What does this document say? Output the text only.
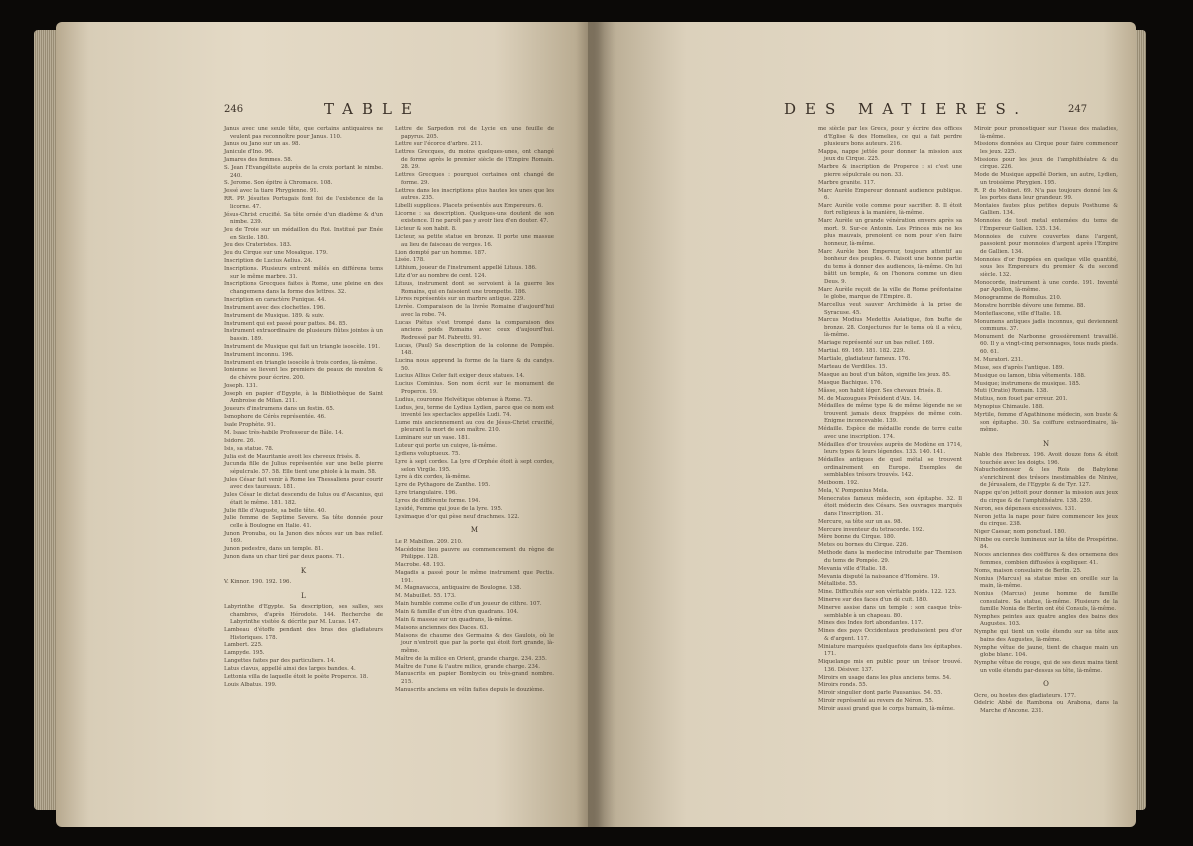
246	TABLE
Janus avec une seule tête, que certains antiquaires ne veulent pas reconnoître pour Janus. 110.
Janus ou Jano sur un as. 98.
Janicule d'Ino. 96.
Jamares des femmes. 58.
S. Jean l'Evangéliste auprès de la croix portant le nimbe. 240.
S. Jerome. Son épitre à Chromace. 108.
Jessé avec la tiare Phrygienne. 91.
RR. PP. Jésuites Portugais font foi de l'existence de la licorne. 47.
Jésus-Christ crucifié. Sa tête ornée d'un diadème & d'un nimbe. 239.
Jeu de Troie sur un médaillon du Roi. Institué par Enée en Sicile. 180.
Jeu des Crateristes. 183.
Jeu du Cirque sur une Mosaïque. 179.
Inscription de Lucius Aelius. 24.
Inscriptions. Plusieurs entrent mêlés en différens tems sur le même marbre. 31.
Inscriptions Grecques faites à Rome, une pleine en des changemens dans la forme des lettres. 32.
Inscription en caractère Punique. 44.
Instrument avec des clochettes. 196.
Instrument de Musique. 189. & suiv.
Instrument qui est passé pour pattes. 84. 85.
Instrument extraordinaire de plusieurs flûtes jointes à un bassin. 189.
Instrument de Musique qui fait un triangle isoscèle. 191.
Instrument inconnu. 196.
Instrument en triangle isoscèle à trois cordes, là-même.
Ionienne se lievent les premiers de peaux de mouton & de chèvre pour écrire. 200.
Joseph. 131.
Joseph en papier d'Egypte, à la Bibliothèque de Saint Ambroise de Milan. 211.
Joueurs d'instrumens dans un festin. 65.
Ismophore de Cérès représentée. 46.
Isaïe Prophète. 91.
M. Isaac très-habile Professeur de Bâle. 14.
Isidore. 26.
Isis, sa statue. 78.
Julia est de Mauritanie avoit les cheveux frisés. 8.
Jucunda fille de Julius représentée sur une belle pierre sépulcrale. 57. 58. Elle tient une phiole à la main. 58.
Jules César fait venir à Rome les Thessaliens pour courir avec des taureaux. 181.
Jules César le dictat descendu de Iulus ou d'Ascanius, qui était le même. 181. 182.
Julie fille d'Auguste, sa belle tête. 40.
Julie femme de Septime Severe. Sa tête donnée pour celle à Boulogne en Italie. 41.
Junon Pronuba, ou la Junon des nôces sur un bas relief. 169.
Junon pedestre, dans un temple. 81.
Junon dans un char tiré par deux paons. 71.
K
V. Kinnor. 190. 192. 196.
L
Labyrinthe d'Egypte. Sa description, ses salles, ses chambres, d'après Hérodote. 144. Recherche de Labyrinthe visitée & décrite par M. Lucas. 147.
Lambeau d'étoffe pendant des bras des gladiateurs Historiques. 178.
Lambert. 225.
Lampyde. 195.
Langettes faites par des particuliers. 14.
Latus clavus, appellé ainsi des larges bandes. 4.
Lettonia villa de laquelle étoit le poète Properce. 18.
Louis Albatus. 199.
Lettre de Sarpedon roi de Lycie en une feuille de papyrus. 205.
Lettre sur l'écorce d'arbre. 211.
Lettres Grecques, du moins quelques-unes, ont changé de forme après le premier siècle de l'Empire Romain. 28. 29.
Lettres Grecques : pourquoi certaines ont changé de forme. 29.
Lettres dans les inscriptions plus hautes les unes que les autres. 235.
Libelli supplices. Placets présentés aux Empereurs. 6.
Licorne : sa description. Quelques-uns doutent de son existence. Il ne paroît pas y avoir lieu d'en douter. 47.
Licteur & son habit. 8.
Licteur, sa petite statue en bronze. Il porte une massue au lieu de faisceau de verges. 16.
Lion dompté par un homme. 187.
Lisée. 178.
Lithium, joueur de l'instrument appellé Lituus. 186.
Litz d'or au nombre de cent. 124.
Lituus, instrument dont se servoient à la guerre les Romains, qui en faisoient une trompette. 186.
Livres représentés sur un marbre antique. 229.
Livrée. Comparaison de la livrée Romaine d'aujourd'hui avec la robe. 74.
Lucas Piétus s'est trompé dans la comparaison des anciens poids Romains avec ceux d'aujourd'hui. Redressé par M. Fabretti. 91.
Lucas, (Paul) Sa description de la colonne de Pompée. 148.
Lucina nous apprend la forme de la tiare & du candys. 50.
Lucius Allius Celer fait exiger deux statues. 14.
Lucius Cominius. Son nom écrit sur le monument de Properce. 19.
Ludius, couronne Helvétique obtenue à Rome. 73.
Ludus, jeu, terme de Lydius Lydien, parce que ce nom est inventé les spectacles appellés Ludi. 74.
Lume mis anciennement au cou de Jésus-Christ crucifié, pleurant la mort de son maître. 210.
Luminare sur un vase. 181.
Luteur qui porte un cuiqve, là-même.
Lydiens voluptueux. 75.
Lyre à sept cordes. La lyre d'Orphée étoit à sept cordes, selon Virgile. 195.
Lyre à dix cordes, là-même.
Lyre de Pythagore de Zanthe. 195.
Lyre triangulaire. 196.
Lyres de différente forme. 194.
Lysidé, Femme qui joue de la lyre. 195.
Lysimaque d'or qui pèse neuf drachmes. 122.
M
Le P. Mabillon. 209. 210.
Macédoine lieu pauvre au commencement du règne de Philippe. 128.
Macrobe. 48. 193.
Magadis a passé pour le même instrument que Pectis. 191.
M. Magnavacca, antiquaire de Boulogne. 138.
M. Mabuillet. 55. 173.
Main humble comme celle d'un joueur de cithre. 107.
Main & famille d'un être d'un quadrans. 104.
Main & massue sur un quadrans, là-même.
Maisons anciennes des Daces. 63.
Maisons de chaume des Germains & des Gaulois, où le jour n'entroit que par la porte qui étoit fort grande, là-même.
Maître de la milice en Orient, grande charge. 234. 235.
Maître de l'une & l'autre milice, grande charge. 234.
Manuscrits en papier Bombycin ou très-grand nombre. 215.
Manuscrits anciens en vélin faites depuis le douzième.
DES MATIERES.	247
me siècle par les Grecs, pour y écrire des offices d'Eglise & des Homelies, ce qui a fait perdre plusieurs bons auteurs. 216.
Mappa, nappe jettée pour donner la mission aux jeux du Cirque. 225.
Marbre & inscription de Properce : si c'est une pierre sépulcrale ou non. 33.
Marbre granite. 117.
Marc Aurèle Empereur donnant audience publique. 6.
Marc Aurèle voile comme pour sacrifier. 8. Il étoit fort religieux à la manière, là-même.
Marc Aurèle un grande vénération envers après sa mort. 9. Sur-ce Antonin. Les Princes mis ne les plus mauvais, prenoient ce nom pour s'en faire honneur, là-même.
Marc Aurèle bon Empereur, toujours attentif au bonheur des peuples. 6. Faisoit une bonne partie du tems à donner des audiences, là-même. On lui bâtit un temple, & on l'honora comme un dieu Deus. 9.
Marc Aurèle reçoit de la ville de Rome préfontaine le globe, marque de l'Empire. 8.
Marcellus veut sauver Archimède à la prise de Syracuse. 45.
Marcus Modius Medettis Asiatique, fon bufte de bronze. 28. Conjectures fur le tems où il a vécu, là-même.
Mariage représenté sur un bas relief. 169.
Martial. 69. 169. 181. 182. 229.
Martiale, gladiateur fameux. 176.
Marteau de Verdilles. 15.
Masque au bout d'un bâton, signifie les jeux. 85.
Masque Bachique. 176.
Mâsse, son habit léger. Ses chevaux frisés. 8.
M. de Mazougues Président d'Aix. 14.
Médailles de même type & de même légende ne se trouvent jamais deux frappées de même coin. Enigme inconcevable. 139.
Médaille. Espèce de médaille ronde de terre cuite avec une inscription. 174.
Médailles d'or trouvées auprès de Modène en 1714, leurs types & leurs légendes. 133. 140. 141.
Médailles antiques de quel métal se trouvent ordinairement en Europe. Exemples de semblables trésors trouvés. 142.
Meiboom. 192.
Mela, V. Pomponius Mela.
Menecrates fameux médecin, son épitaphe. 32. Il étoit médecin des Césars. Ses ouvrages marqués dans l'inscription. 31.
Mercure, sa tête sur un as. 98.
Mercure inventeur du tetracorde. 192.
Mère bonne du Cirque. 180.
Metes ou bornes du Cirque. 226.
Methode dans la medecine introduite par Themison du tems de Pompée. 29.
Mevania ville d'Italie. 18.
Mevania disputé la naissance d'Homère. 19.
Métalliste. 55.
Mine. Difficultés sur son véritable poids. 122. 123.
Minerve sur des faces d'un dé cuit. 180.
Minerve assise dans un temple : son casque très-semblable à un chapeau. 80.
Mines des Indes fort abondantes. 117.
Mines des pays Occidentaux produisoient peu d'or & d'argent. 117.
Miniature marquées quelquefois dans les épitaphes. 171.
Miquelange mis en public pour un trésor trouvé. 136. Désiver. 137.
Miroirs en usage dans les plus anciens tems. 54.
Miroirs ronds. 55.
Miroir singulier dont parle Pausanias. 54. 55.
Miroir représenté au revers de Néron. 55.
Miroir aussi grand que le corps humain, là-même.
Miroir pour pronostiquer sur l'issue des maladies, là-même.
Missions données au Cirque pour faire commencer les jeux. 225.
Missions pour les jeux de l'amphithéatre & du cirque. 226.
Mode de Musique appellé Dorien, un autre, Lydien, un troisième Phrygien. 195.
R. P. du Molinet. 69. N'a pas toujours donné les & les portes dans leur grandeur. 99.
Montaies fautes plus petites depuis Posthume & Gallien. 134.
Monnoies de tout metal entemées du tems de l'Empereur Gallien. 135. 134.
Monnoies de cuivre couvertes dans l'argent, passoient pour monnoies d'argent après l'Empire de Gallien. 134.
Monnoies d'or frappées en quelque ville quantité, sous les Empereurs du premier & du second siècle. 132.
Monocorde, instrument à une corde. 191. Inventé par Apollon, là-même.
Monogramme de Romulus. 210.
Monstre horrible dévore une femme. 88.
Monteflascone, ville d'Italie. 18.
Monumens antiques jadis inconnus, qui deviennent communs. 37.
Monument de Narbonne grossièrement travaillé. 60. Il y a vingt-cinq personnages, tous nuds pieds. 60. 61.
M. Muratori. 231.
Muse, ses d'après l'antique. 189.
Musique ou lamon, tibia vêtements. 188.
Musique; instrumens de musique. 185.
Muti (Oratio) Romain. 138.
Mutius, non fouet par erreur. 201.
Mynopius Chimaule. 188.
Myrtile, femme d'Agathinone médecin, son buste & son épitaphe. 30. Sa coiffure extraordinaire, là-même.
N
Nable des Hebreux. 196. Avoit douze fons & étoit touchée avec les doigts. 196.
Nabuchodonosor & les Rois de Babylone s'enrichirent des trésors inestimables de Ninive, de Jérusalem, de l'Egypte & de Tyr. 127.
Nappe qu'on jettoit pour donner la mission aux jeux du cirque & de l'amphithéatre. 138. 259.
Neron, ses dépenses excessives. 131.
Neron jetta la nape pour faire commencer les jeux du cirque. 238.
Niger Caesar, nom ponctuel. 180.
Nimbe ou cercle lumineux sur la tête de Prospérine. 84.
Noces anciennes des coëffures & des ornemens des femmes, combien diffusées à expliquer. 41.
Noms, maison consulaire de Berlin. 25.
Nonius (Marcus) sa statue mise en oreille sur la main, là-même.
Nonius (Marcus) jeune homme de famille consulaire. Sa statue, là-même. Plusieurs de la famille Nonia de Berlin ont été Consuls, là-même.
Nymphes peintes aux quatre angles des bains des Augustes. 103.
Nymphe qui tient un voile étendu sur sa tête aux bains des Augustes, là-même.
Nymphe vêtue de jaune, tient de chaque main un globe blanc. 104.
Nymphe vêtue de rouge, qui de ses deux mains tient un voile étendu par-dessus sa tête, là-même.
O
Ocre, ou hostes des gladiateurs. 177.
Odelric Abbé de Rambona ou Arabona, dans la Marche d'Ancone. 231.
